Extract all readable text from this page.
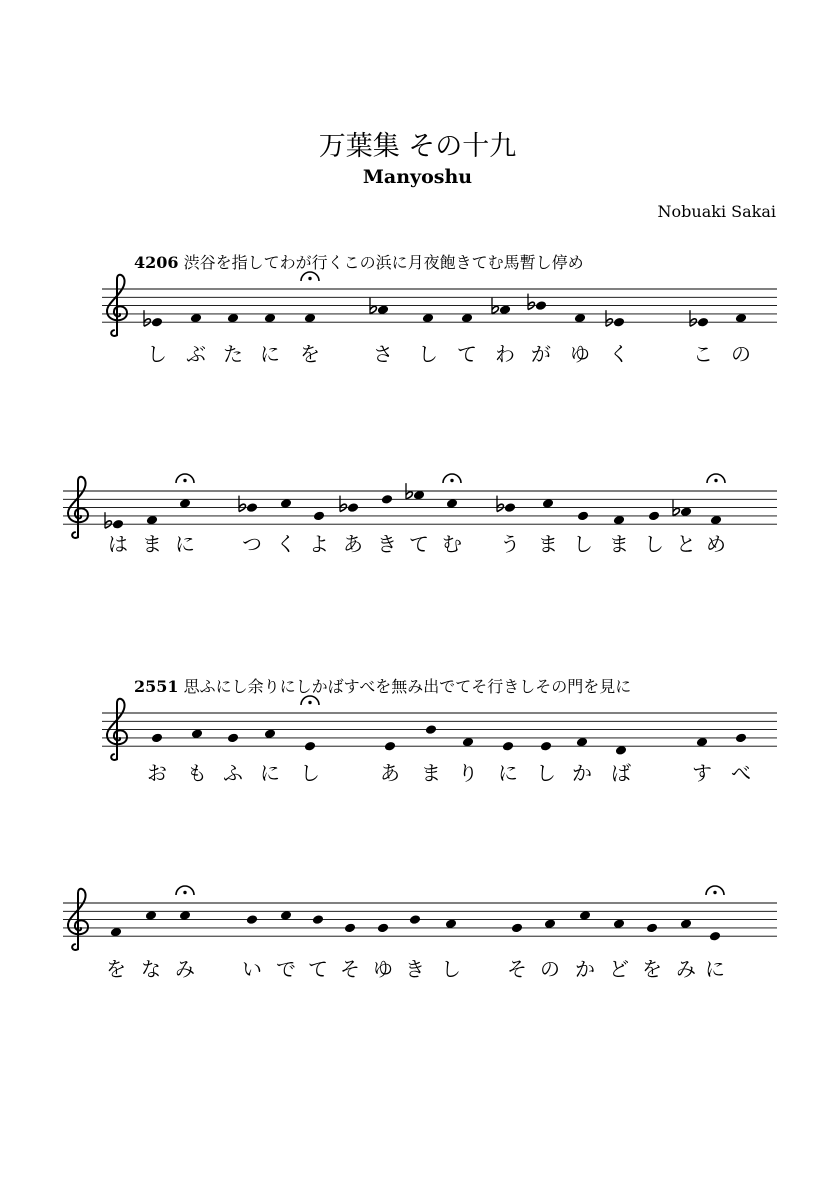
万葉集 その十九
Manyoshu
Nobuaki Sakai
4206 渋谷を指してわが行くこの浜に月夜飽きてむ馬暫し停め
2551 思ふにし余りにしかばすべを無み出でてそ行きしその門を見に
し ぶ た に を	さ し て わ が ゆ く	こ の
は ま に つ く よ あ き て む う ま し ま し と め
お も ふ に し	あ ま り に し か ば	す べ
を な み い で て そ ゆ き し そ の か ど を み に
